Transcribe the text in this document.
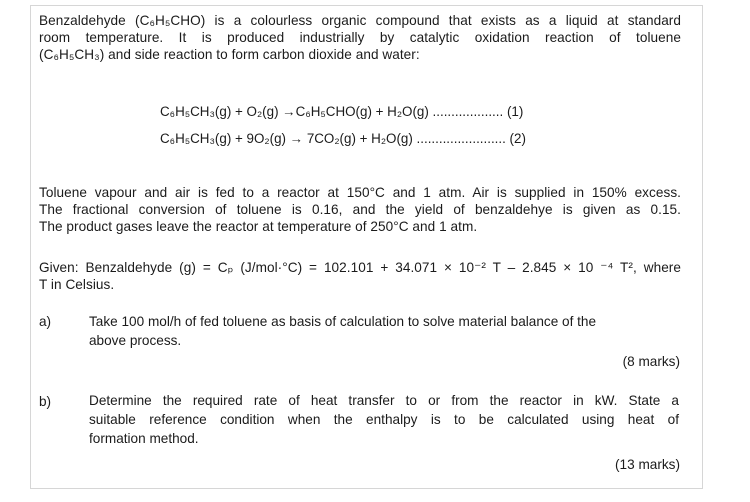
Benzaldehyde (C₆H₅CHO) is a colourless organic compound that exists as a liquid at standard

room temperature. It is produced industrially by catalytic oxidation reaction of toluene

(C₆H₅CH₃) and side reaction to form carbon dioxide and water:

C₆H₅CH₃(g) + O₂(g) →C₆H₅CHO(g) + H₂O(g) ................... (1)
C₆H₅CH₃(g) + 9O₂(g) → 7CO₂(g) + H₂O(g) ........................ (2)

Toluene vapour and air is fed to a reactor at 150°C and 1 atm. Air is supplied in 150% excess.

The fractional conversion of toluene is 0.16, and the yield of benzaldehye is given as 0.15.

The product gases leave the reactor at temperature of 250°C and 1 atm.

Given: Benzaldehyde (g) = Cₚ (J/mol·°C) = 102.101 + 34.071 × 10⁻² T – 2.845 × 10 ⁻⁴ T², where

T in Celsius.

a)	Take 100 mol/h of fed toluene as basis of calculation to solve material balance of the
above process.
(8 marks)
b)	Determine the required rate of heat transfer to or from the reactor in kW. State a
suitable reference condition when the enthalpy is to be calculated using heat of
formation method.
(13 marks)
